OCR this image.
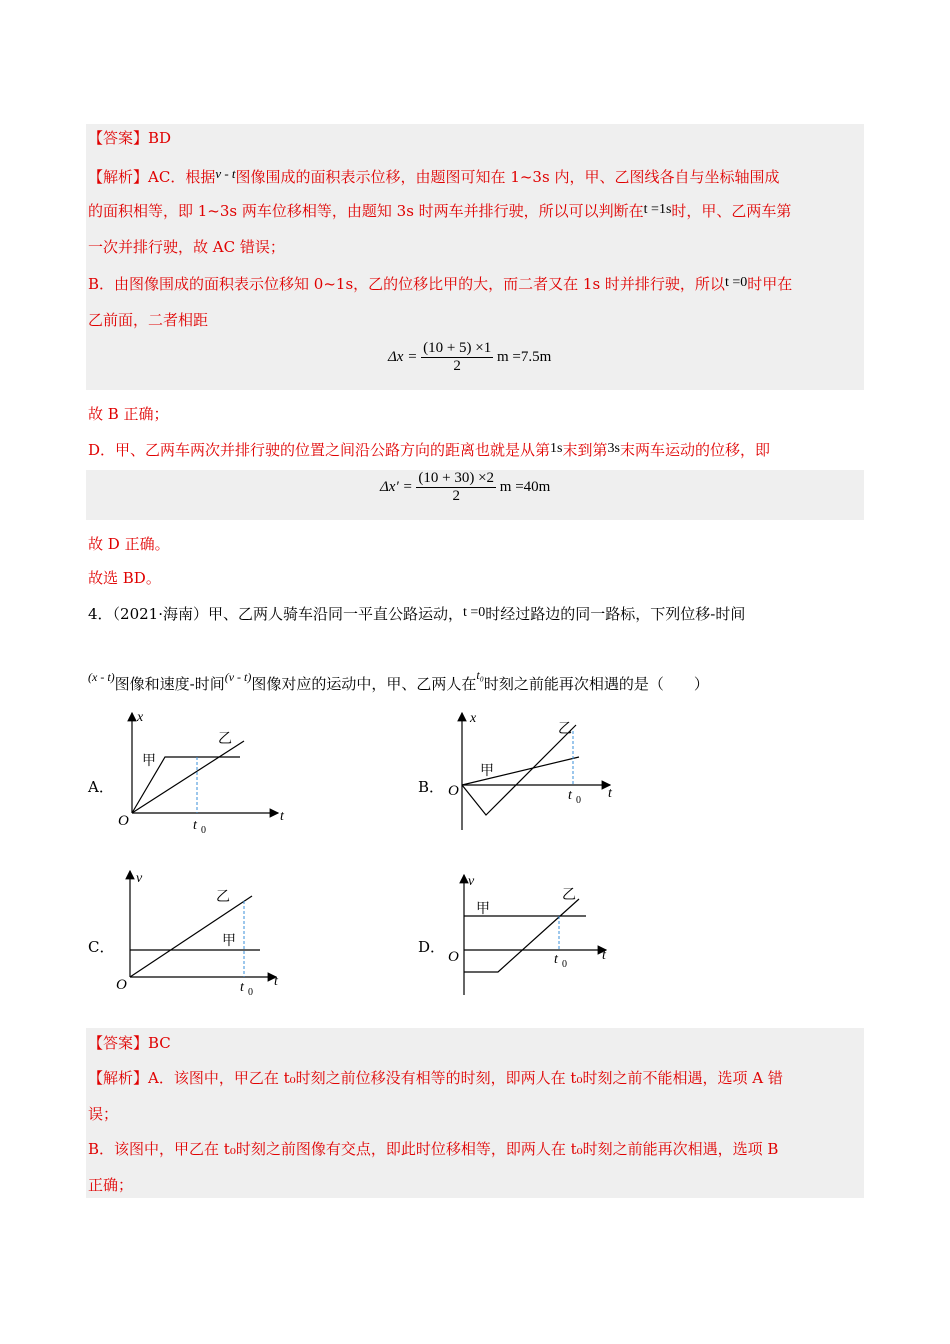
【答案】BD
【解析】AC．根据v - t图像围成的面积表示位移，由题图可知在 1~3s 内，甲、乙图线各自与坐标轴围成
的面积相等，即 1~3s 两车位移相等，由题知 3s 时两车并排行驶，所以可以判断在t =1s时，甲、乙两车第
一次并排行驶，故 AC 错误；
B．由图像围成的面积表示位移知 0~1s，乙的位移比甲的大，而二者又在 1s 时并排行驶，所以t =0时甲在
乙前面，二者相距
$\Delta x = \frac{(10 + 5) \times 1}{2}$ m =7.5m
故 B 正确；
D．甲、乙两车两次并排行驶的位置之间沿公路方向的距离也就是从第1s末到第3s末两车运动的位移，即
$\Delta x' = \frac{(10 + 30) \times 2}{2}$ m =40m
故 D 正确。
故选 BD。
4．（2021·海南）甲、乙两人骑车沿同一平直公路运动，t =0时经过路边的同一路标，下列位移-时间
$^{(x - t)}$图像和速度-时间$^{(v - t)}$图像对应的运动中，甲、乙两人在$^{t_0}$时刻之前能再次相遇的是（　　）
A．	B．
C．	D．
x
t
O
甲
乙
t 0
x
t
O
甲
乙
t 0
v
t
O
甲
乙
t 0
v
t
O
甲
乙
t 0
【答案】BC
【解析】A．该图中，甲乙在 t₀时刻之前位移没有相等的时刻，即两人在 t₀时刻之前不能相遇，选项 A 错
误；
B．该图中，甲乙在 t₀时刻之前图像有交点，即此时位移相等，即两人在 t₀时刻之前能再次相遇，选项 B
正确；
